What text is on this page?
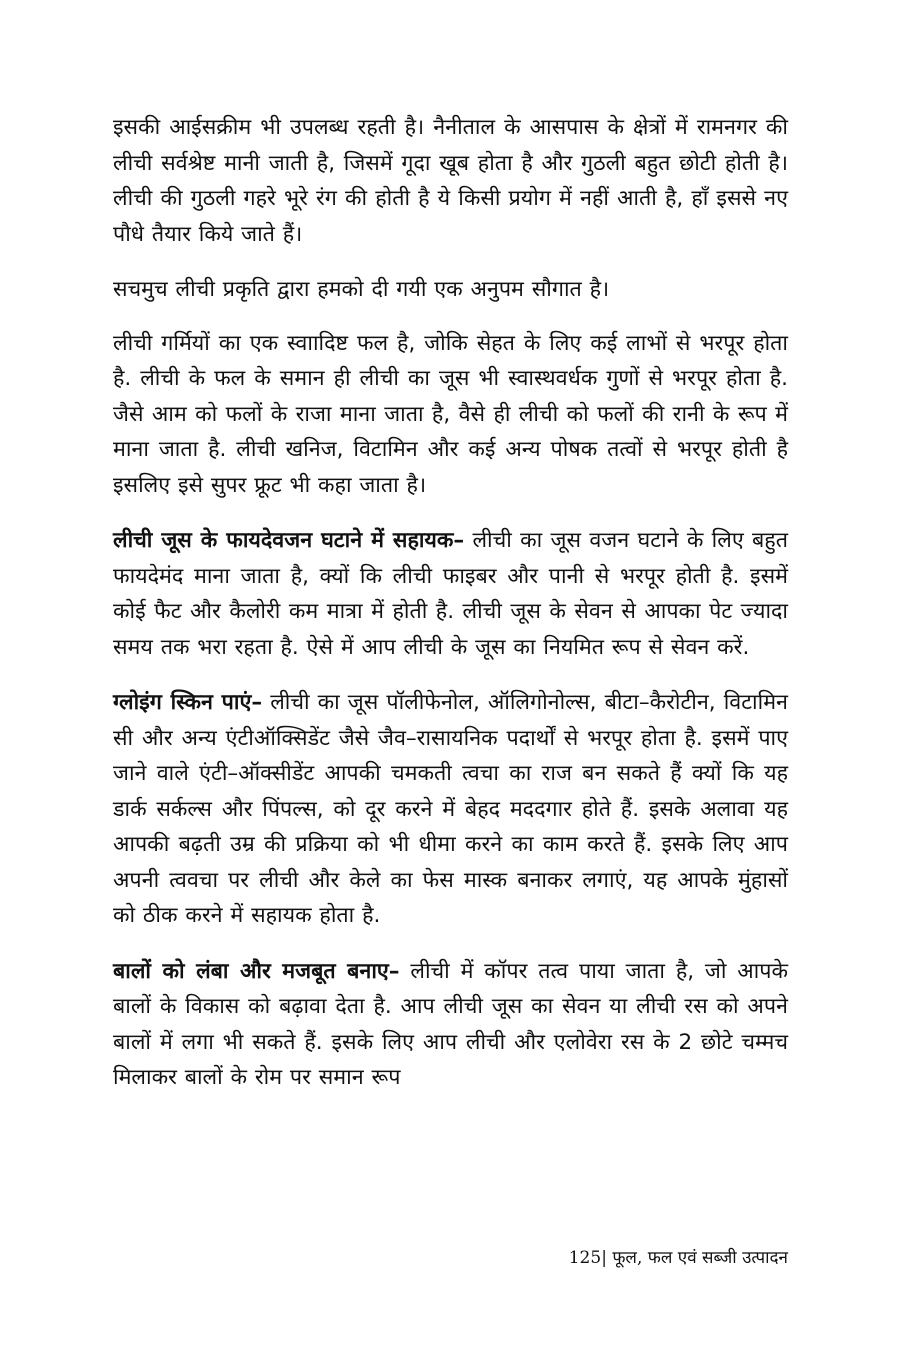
इसकी आईसक्रीम भी उपलब्ध रहती है। नैनीताल के आसपास के क्षेत्रों में रामनगर की लीची सर्वश्रेष्ट मानी जाती है, जिसमें गूदा खूब होता है और गुठली बहुत छोटी होती है। लीची की गुठली गहरे भूरे रंग की होती है ये किसी प्रयोग में नहीं आती है, हाँ इससे नए पौधे तैयार किये जाते हैं।

सचमुच लीची प्रकृति द्वारा हमको दी गयी एक अनुपम सौगात है।

लीची गर्मियों का एक स्वाादिष्ट फल है, जोकि सेहत के लिए कई लाभों से भरपूर होता है. लीची के फल के समान ही लीची का जूस भी स्वास्थवर्धक गुणों से भरपूर होता है. जैसे आम को फलों के राजा माना जाता है, वैसे ही लीची को फलों की रानी के रूप में माना जाता है. लीची खनिज, विटामिन और कई अन्य पोषक तत्वों से भरपूर होती है इसलिए इसे सुपर फ्रूट भी कहा जाता है।

लीची जूस के फायदेवजन घटाने में सहायक– लीची का जूस वजन घटाने के लिए बहुत फायदेमंद माना जाता है, क्यों कि लीची फाइबर और पानी से भरपूर होती है. इसमें कोई फैट और कैलोरी कम मात्रा में होती है. लीची जूस के सेवन से आपका पेट ज्यादा समय तक भरा रहता है. ऐसे में आप लीची के जूस का नियमित रूप से सेवन करें.

ग्लोइंग स्किन पाएं– लीची का जूस पॉलीफेनोल, ऑलिगोनोल्स, बीटा–कैरोटीन, विटामिन सी और अन्य एंटीऑक्सिडेंट जैसे जैव–रासायनिक पदार्थों से भरपूर होता है. इसमें पाए जाने वाले एंटी–ऑक्सीडेंट आपकी चमकती त्वचा का राज बन सकते हैं क्यों कि यह डार्क सर्कल्स और पिंपल्स, को दूर करने में बेहद मददगार होते हैं. इसके अलावा यह आपकी बढ़ती उम्र की प्रक्रिया को भी धीमा करने का काम करते हैं. इसके लिए आप अपनी त्ववचा पर लीची और केले का फेस मास्क बनाकर लगाएं, यह आपके मुंहासों को ठीक करने में सहायक होता है.

बालों को लंबा और मजबूत बनाए– लीची में कॉपर तत्व पाया जाता है, जो आपके बालों के विकास को बढ़ावा देता है. आप लीची जूस का सेवन या लीची रस को अपने बालों में लगा भी सकते हैं. इसके लिए आप लीची और एलोवेरा रस के 2 छोटे चम्मच मिलाकर बालों के रोम पर समान रूप

125| फूल, फल एवं सब्जी उत्पादन
